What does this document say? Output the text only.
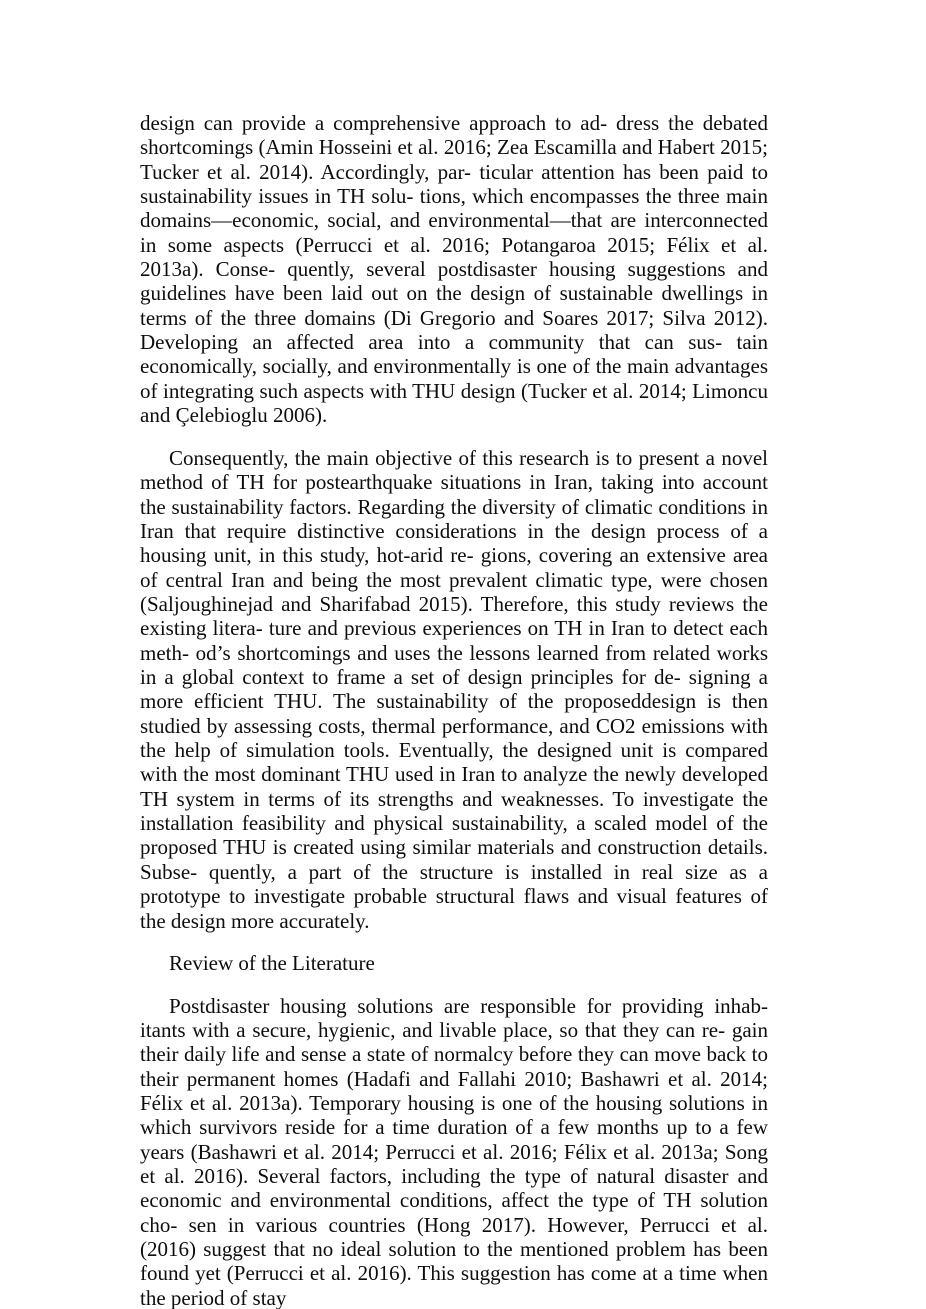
design can provide a comprehensive approach to ad- dress the debated shortcomings (Amin Hosseini et al. 2016; Zea Escamilla and Habert 2015; Tucker et al. 2014). Accordingly, par- ticular attention has been paid to sustainability issues in TH solu- tions, which encompasses the three main domains—economic, social, and environmental—that are interconnected in some aspects (Perrucci et al. 2016; Potangaroa 2015; Félix et al. 2013a). Conse- quently, several postdisaster housing suggestions and guidelines have been laid out on the design of sustainable dwellings in terms of the three domains (Di Gregorio and Soares 2017; Silva 2012). Developing an affected area into a community that can sus- tain economically, socially, and environmentally is one of the main advantages of integrating such aspects with THU design (Tucker et al. 2014; Limoncu and Çelebioglu 2006).

Consequently, the main objective of this research is to present a novel method of TH for postearthquake situations in Iran, taking into account the sustainability factors. Regarding the diversity of climatic conditions in Iran that require distinctive considerations in the design process of a housing unit, in this study, hot-arid re- gions, covering an extensive area of central Iran and being the most prevalent climatic type, were chosen (Saljoughinejad and Sharifabad 2015). Therefore, this study reviews the existing litera- ture and previous experiences on TH in Iran to detect each meth- od’s shortcomings and uses the lessons learned from related works in a global context to frame a set of design principles for de- signing a more efficient THU. The sustainability of the proposeddesign is then studied by assessing costs, thermal performance, and CO2 emissions with the help of simulation tools. Eventually, the designed unit is compared with the most dominant THU used in Iran to analyze the newly developed TH system in terms of its strengths and weaknesses. To investigate the installation feasibility and physical sustainability, a scaled model of the proposed THU is created using similar materials and construction details. Subse- quently, a part of the structure is installed in real size as a prototype to investigate probable structural flaws and visual features of the design more accurately.

Review of the Literature

Postdisaster housing solutions are responsible for providing inhab- itants with a secure, hygienic, and livable place, so that they can re- gain their daily life and sense a state of normalcy before they can move back to their permanent homes (Hadafi and Fallahi 2010; Bashawri et al. 2014; Félix et al. 2013a). Temporary housing is one of the housing solutions in which survivors reside for a time duration of a few months up to a few years (Bashawri et al. 2014; Perrucci et al. 2016; Félix et al. 2013a; Song et al. 2016). Several factors, including the type of natural disaster and economic and environmental conditions, affect the type of TH solution cho- sen in various countries (Hong 2017). However, Perrucci et al. (2016) suggest that no ideal solution to the mentioned problem has been found yet (Perrucci et al. 2016). This suggestion has come at a time when the period of stay
